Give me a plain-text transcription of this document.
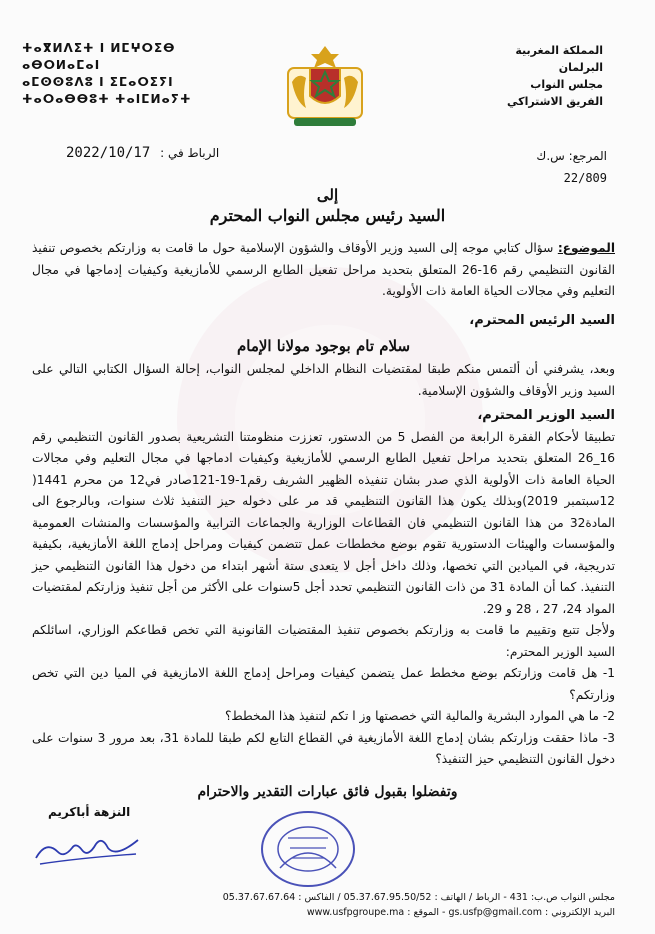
المملكة المغربية
البرلمان
مجلس النواب
الفريق الاشتراكي
ⵜⴰⴳⵍⴷⵉⵜ ⵏ ⵍⵎⵖⵔⵉⴱ
ⴰⴱⵔⵍⴰⵎⴰⵏ
ⴰⵎⵙⵙⵓⴷⵓ ⵏ ⵉⵎⴰⵔⵉⵢⵏ
ⵜⴰⵔⴰⴱⴱⵓⵜ ⵜⴰⵏⵎⵍⴰⵢⵜ
المرجع: س.ك
22/809
الرباط في : 2022/10/17
إلى
السيد رئيس مجلس النواب المحترم
الموضوع: سؤال كتابي موجه إلى السيد وزير الأوقاف والشؤون الإسلامية حول ما قامت به وزارتكم بخصوص تنفيذ القانون التنظيمي رقم 16-26 المتعلق بتحديد مراحل تفعيل الطابع الرسمي للأمازيغية وكيفيات إدماجها في مجال التعليم وفي مجالات الحياة العامة ذات الأولوية.

السيد الرئيس المحترم،

سلام تام بوجود مولانا الإمام

وبعد، يشرفني أن ألتمس منكم طبقا لمقتضيات النظام الداخلي لمجلس النواب، إحالة السؤال الكتابي التالي على السيد وزير الأوقاف والشؤون الإسلامية.

السيد الوزير المحترم،

تطبيقا لأحكام الفقرة الرابعة من الفصل 5 من الدستور، تعززت منظومتنا التشريعية بصدور القانون التنظيمي رقم 16_26 المتعلق بتحديد مراحل تفعيل الطابع الرسمي للأمازيغية وكيفيات ادماجها في مجال التعليم وفي مجالات الحياة العامة ذات الأولوية الذي صدر بشان تنفيذه الظهير الشريف رقم1-19-121صادر في12 من محرم 1441( 12سبتمبر 2019)وبذلك يكون هذا القانون التنظيمي قد مر على دخوله حيز التنفيذ ثلاث سنوات، وبالرجوع الى المادة32 من هذا القانون التنظيمي فان القطاعات الوزارية والجماعات الترابية والمؤسسات والمنشات العمومية والمؤسسات والهيئات الدستورية تقوم بوضع مخططات عمل تتضمن كيفيات ومراحل إدماج اللغة الأمازيغية، بكيفية تدريجية، في الميادين التي تخصها، وذلك داخل أجل لا يتعدى ستة أشهر ابتداء من دخول هذا القانون التنظيمي حيز التنفيذ. كما أن المادة 31 من ذات القانون التنظيمي تحدد أجل 5سنوات على الأكثر من أجل تنفيذ وزارتكم لمقتضيات المواد 24، 27 ، 28 و 29.

ولأجل تتبع وتقييم ما قامت به وزارتكم بخصوص تنفيذ المقتضيات القانونية التي تخص قطاعكم الوزاري، اسائلكم السيد الوزير المحترم:

1- هل قامت وزارتكم بوضع مخطط عمل يتضمن كيفيات ومراحل إدماج اللغة الامازيغية في الميا دين التي تخص وزارتكم؟

2- ما هي الموارد البشرية والمالية التي خصصتها وز ا تكم لتنفيذ هذا المخطط؟

3- ماذا حققت وزارتكم بشان إدماج اللغة الأمازيغية في القطاع التابع لكم طبقا للمادة 31، بعد مرور 3 سنوات على دخول القانون التنظيمي حيز التنفيذ؟

وتفضلوا بقبول فائق عبارات التقدير والاحترام
النزهة أباكريم
مجلس النواب ص.ب: 431 - الرباط / الهاتف : 05.37.67.95.50/52 / الفاكس : 05.37.67.67.64
البريد الإلكتروني : gs.usfp@gmail.com - الموقع : www.usfpgroupe.ma
